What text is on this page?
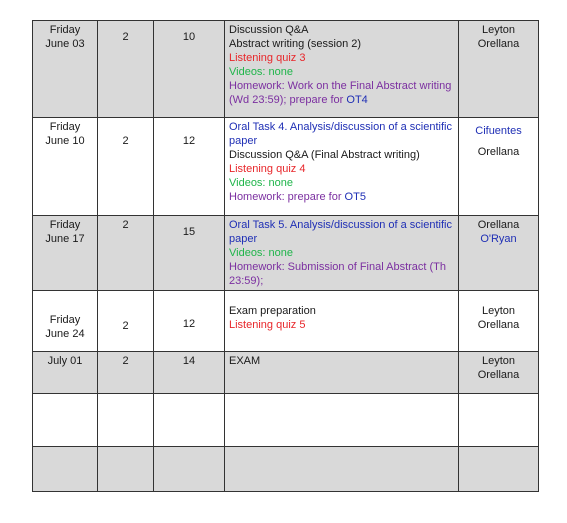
Friday
June 03	2	10	Discussion Q&A
Abstract writing (session 2)
Listening quiz 3
Videos: none
Homework: Work on the Final Abstract writing (Wd 23:59); prepare for OT4	Leyton
Orellana

Friday
June 10	2	12	Oral Task 4. Analysis/discussion of a scientific paper
Discussion Q&A (Final Abstract writing)
Listening quiz 4
Videos: none
Homework: prepare for OT5	Cifuentes
Orellana

Friday
June 17	2	15	Oral Task 5. Analysis/discussion of a scientific paper
Videos: none
Homework: Submission of Final Abstract (Th 23:59);	Orellana
O'Ryan

Friday
June 24	2	12	Exam preparation
Listening quiz 5	Leyton
Orellana

July 01	2	14	EXAM	Leyton
Orellana
